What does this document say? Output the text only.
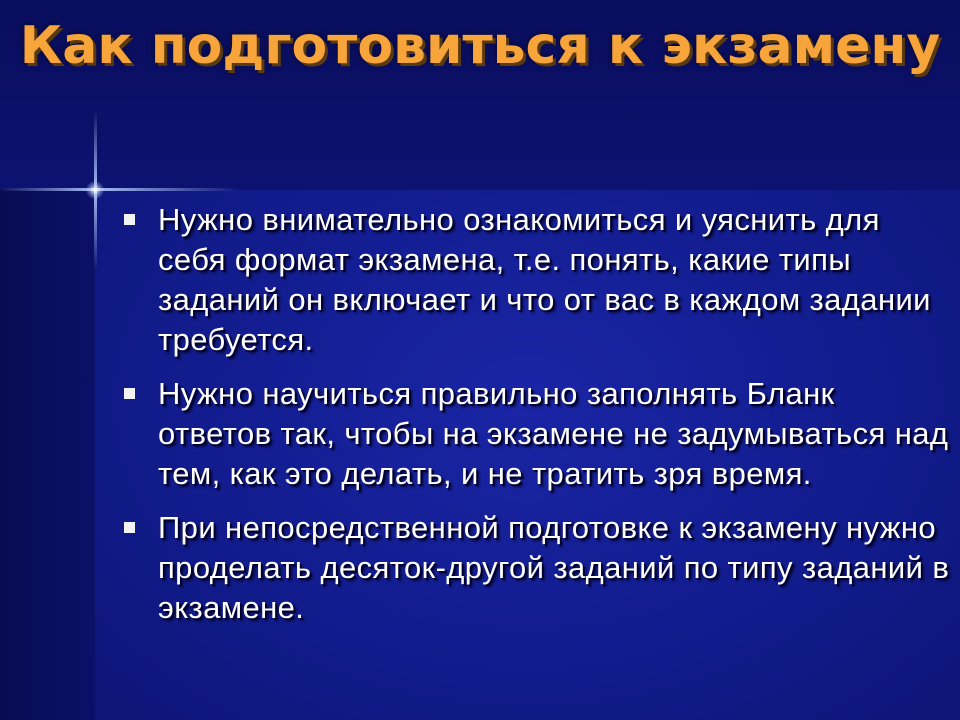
Как подготовиться к экзамену
Нужно внимательно ознакомиться и уяснить для себя формат экзамена, т.е. понять, какие типы заданий он включает и что от вас в каждом задании требуется.
Нужно научиться правильно заполнять Бланк ответов так, чтобы на экзамене не задумываться над тем, как это делать, и не тратить зря время.
При непосредственной подготовке к экзамену нужно проделать десяток-другой заданий по типу заданий в экзамене.
